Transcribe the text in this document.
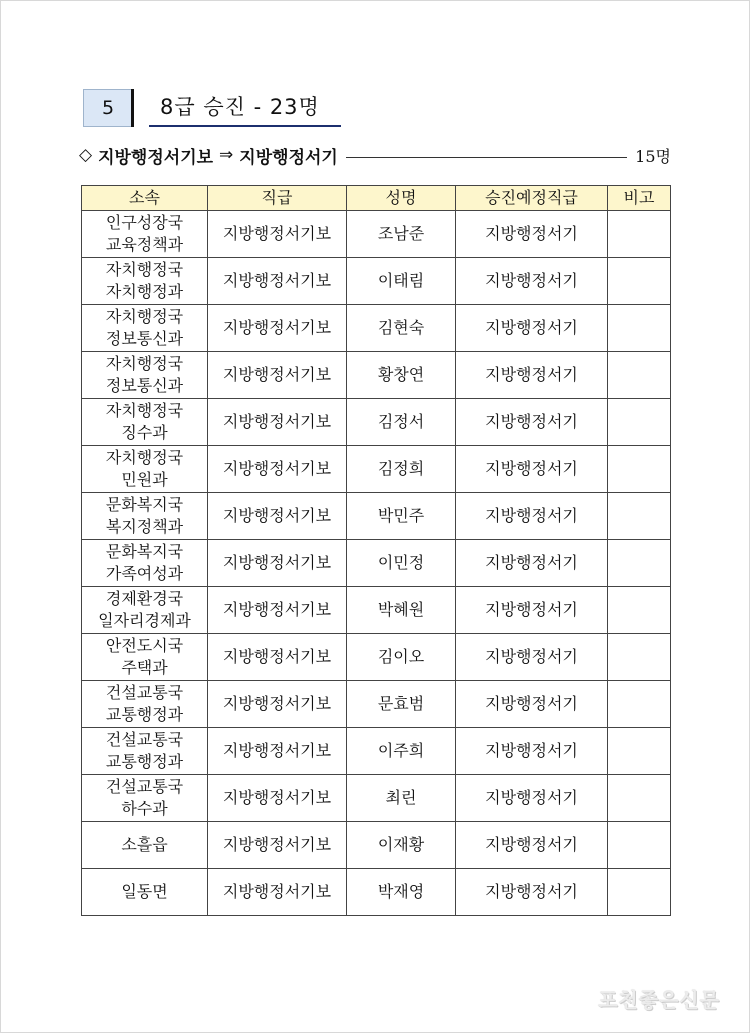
5	8급 승진 - 23명
◇ 지방행정서기보 ⇒ 지방행정서기	15명
소속	직급	성명	승진예정직급	비고

인구성장국
교육정책과	지방행정서기보	조남준	지방행정서기	

자치행정국
자치행정과	지방행정서기보	이태림	지방행정서기	

자치행정국
정보통신과	지방행정서기보	김현숙	지방행정서기	

자치행정국
정보통신과	지방행정서기보	황창연	지방행정서기	

자치행정국
징수과	지방행정서기보	김정서	지방행정서기	

자치행정국
민원과	지방행정서기보	김정희	지방행정서기	

문화복지국
복지정책과	지방행정서기보	박민주	지방행정서기	

문화복지국
가족여성과	지방행정서기보	이민정	지방행정서기	

경제환경국
일자리경제과	지방행정서기보	박혜원	지방행정서기	

안전도시국
주택과	지방행정서기보	김이오	지방행정서기	

건설교통국
교통행정과	지방행정서기보	문효범	지방행정서기	

건설교통국
교통행정과	지방행정서기보	이주희	지방행정서기	

건설교통국
하수과	지방행정서기보	최린	지방행정서기	

소흘읍	지방행정서기보	이재황	지방행정서기	

일동면	지방행정서기보	박재영	지방행정서기	
포천좋은신문
